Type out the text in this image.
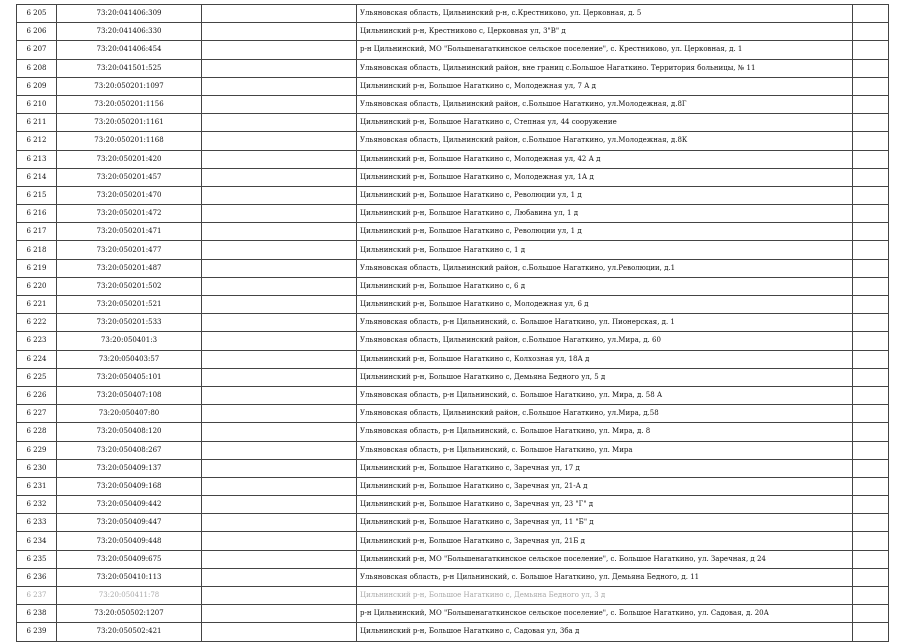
6 205	73:20:041406:309		Ульяновская область, Цильнинский р-н, с.Крестниково, ул. Церковная, д. 5	
6 206	73:20:041406:330		Цильнинский р-н, Крестниково с, Церковная ул, 3"В" д	
6 207	73:20:041406:454		р-н Цильнинский, МО "Большенагаткинское сельское поселение", с. Крестниково, ул. Церковная, д. 1	
6 208	73:20:041501:525		Ульяновская область, Цильнинский район, вне границ с.Большое Нагаткино. Территория больницы, № 11	
6 209	73:20:050201:1097		Цильнинский р-н, Большое Нагаткино с, Молодежная ул, 7 А д	
6 210	73:20:050201:1156		Ульяновская область, Цильнинский район, с.Большое Нагаткино, ул.Молодежная, д.8Г	
6 211	73:20:050201:1161		Цильнинский р-н, Большое Нагаткино с, Степная ул, 44 сооружение	
6 212	73:20:050201:1168		Ульяновская область, Цильнинский район, с.Большое Нагаткино, ул.Молодежная, д.8К	
6 213	73:20:050201:420		Цильнинский р-н, Большое Нагаткино с, Молодежная ул, 42 А д	
6 214	73:20:050201:457		Цильнинский р-н, Большое Нагаткино с, Молодежная ул, 1А д	
6 215	73:20:050201:470		Цильнинский р-н, Большое Нагаткино с, Революции ул, 1 д	
6 216	73:20:050201:472		Цильнинский р-н, Большое Нагаткино с, Любавина ул, 1 д	
6 217	73:20:050201:471		Цильнинский р-н, Большое Нагаткино с, Революции ул, 1 д	
6 218	73:20:050201:477		Цильнинский р-н, Большое Нагаткино с, 1 д	
6 219	73:20:050201:487		Ульяновская область, Цильнинский район, с.Большое Нагаткино, ул.Революции, д.1	
6 220	73:20:050201:502		Цильнинский р-н, Большое Нагаткино с, 6 д	
6 221	73:20:050201:521		Цильнинский р-н, Большое Нагаткино с, Молодежная ул, 6 д	
6 222	73:20:050201:533		Ульяновская область, р-н Цильнинский, с. Большое Нагаткино, ул. Пионерская, д. 1	
6 223	73:20:050401:3		Ульяновская область, Цильнинский район, с.Большое Нагаткино, ул.Мира, д. 60	
6 224	73:20:050403:57		Цильнинский р-н, Большое Нагаткино с, Колхозная ул, 18А д	
6 225	73:20:050405:101		Цильнинский р-н, Большое Нагаткино с, Демьяна Бедного ул, 5 д	
6 226	73:20:050407:108		Ульяновская область, р-н Цильнинский, с. Большое Нагаткино, ул. Мира, д. 58 А	
6 227	73:20:050407:80		Ульяновская область, Цильнинский район, с.Большое Нагаткино, ул.Мира, д.58	
6 228	73:20:050408:120		Ульяновская область, р-н Цильнинский, с. Большое Нагаткино, ул. Мира, д. 8	
6 229	73:20:050408:267		Ульяновская область, р-н Цильнинский, с. Большое Нагаткино, ул. Мира	
6 230	73:20:050409:137		Цильнинский р-н, Большое Нагаткино с, Заречная ул, 17 д	
6 231	73:20:050409:168		Цильнинский р-н, Большое Нагаткино с, Заречная ул, 21-А д	
6 232	73:20:050409:442		Цильнинский р-н, Большое Нагаткино с, Заречная ул, 23 "Г" д	
6 233	73:20:050409:447		Цильнинский р-н, Большое Нагаткино с, Заречная ул, 11 "Б" д	
6 234	73:20:050409:448		Цильнинский р-н, Большое Нагаткино с, Заречная ул, 21Б д	
6 235	73:20:050409:675		Цильнинский р-н, МО "Большенагаткинское сельское поселение", с. Большое Нагаткино, ул. Заречная, д 24	
6 236	73:20:050410:113		Ульяновская область, р-н Цильнинский, с. Большое Нагаткино, ул. Демьяна Бедного, д. 11	
6 237	73:20:050411:78		Цильнинский р-н, Большое Нагаткино с, Демьяна Бедного ул, 3 д	
6 238	73:20:050502:1207		р-н Цильнинский, МО "Большенагаткинское сельское поселение", с. Большое Нагаткино, ул. Садовая, д. 20А	
6 239	73:20:050502:421		Цильнинский р-н, Большое Нагаткино с, Садовая ул, 3ба д	
